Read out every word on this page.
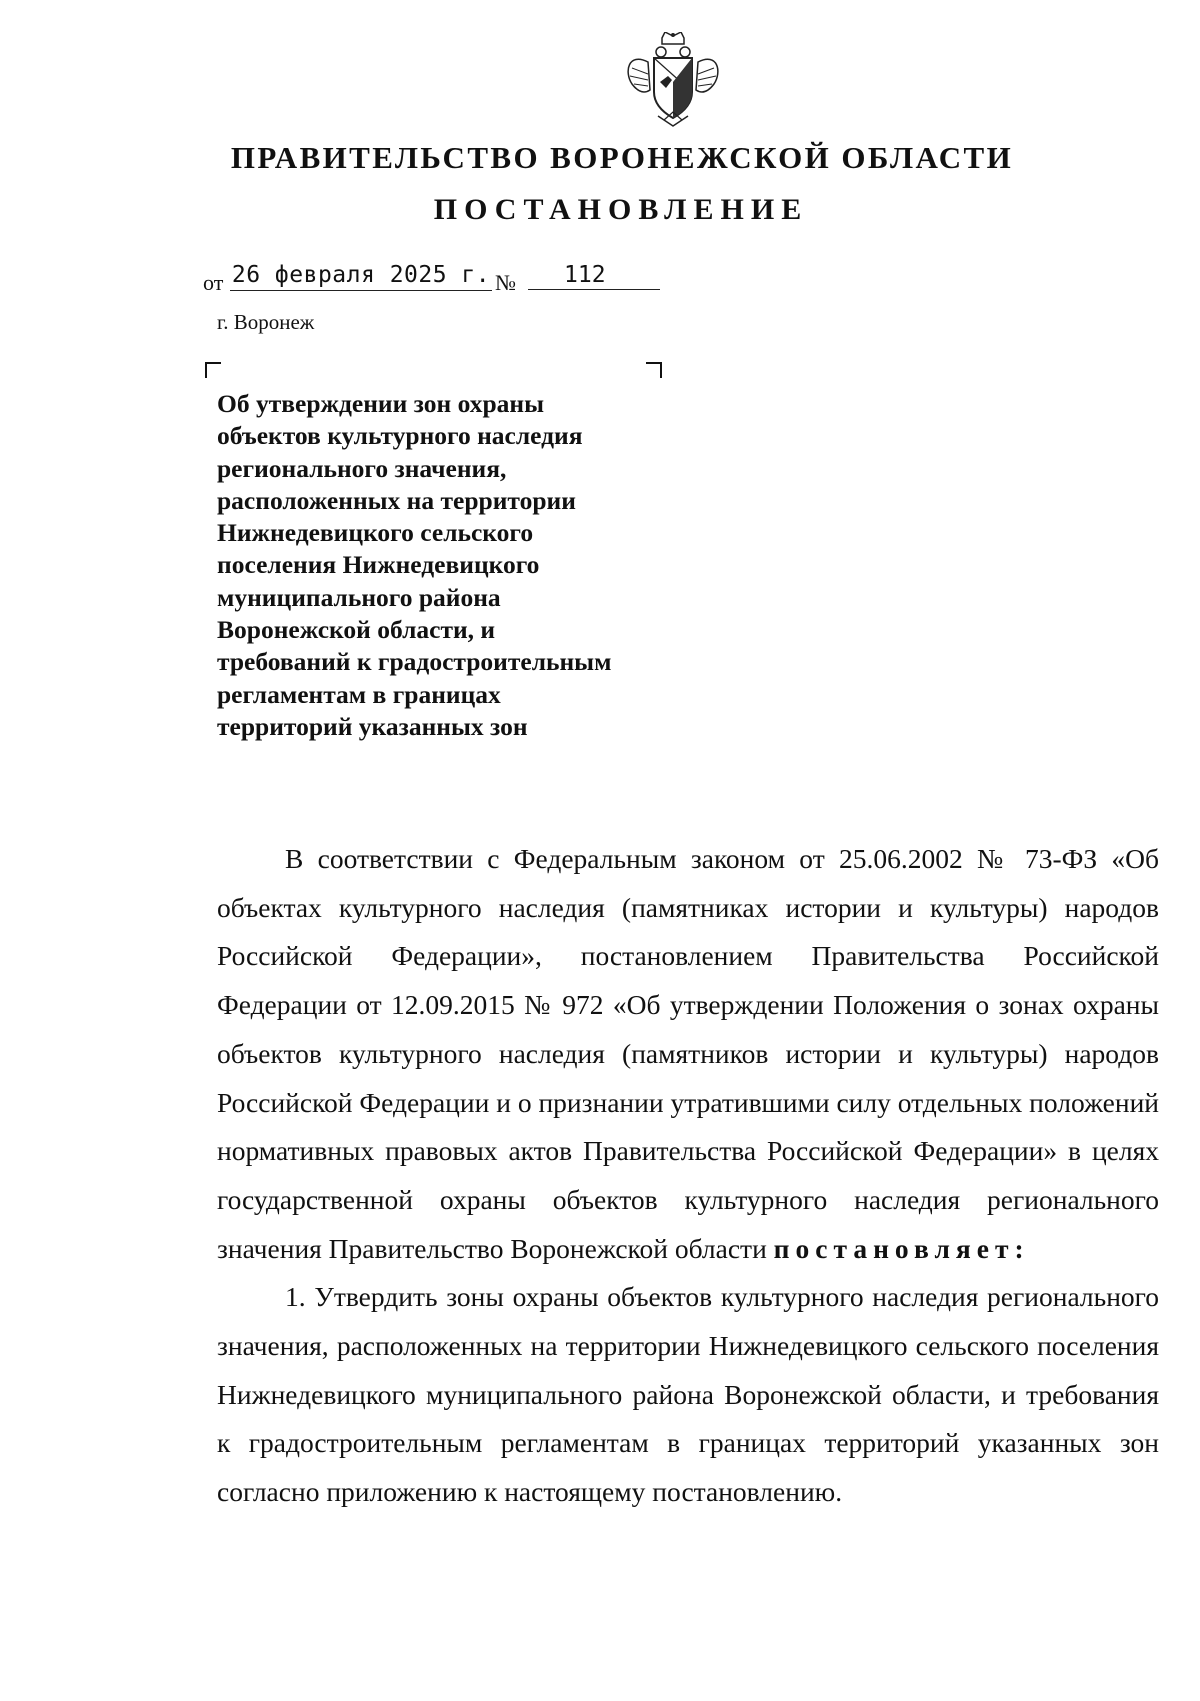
ПРАВИТЕЛЬСТВО ВОРОНЕЖСКОЙ ОБЛАСТИ
ПОСТАНОВЛЕНИЕ
от 26 февраля 2025 г. №	112
г. Воронеж
Об утверждении зон охраны
объектов культурного наследия
регионального значения,
расположенных на территории
Нижнедевицкого сельского
поселения Нижнедевицкого
муниципального района
Воронежской области, и
требований к градостроительным
регламентам в границах
территорий указанных зон
В соответствии с Федеральным законом от 25.06.2002 № 73-ФЗ «Об объектах культурного наследия (памятниках истории и культуры) народов Российской Федерации», постановлением Правительства Российской Федерации от 12.09.2015 № 972 «Об утверждении Положения о зонах охраны объектов культурного наследия (памятников истории и культуры) народов Российской Федерации и о признании утратившими силу отдельных положений нормативных правовых актов Правительства Российской Федерации» в целях государственной охраны объектов культурного наследия регионального значения Правительство Воронежской области постановляет:
1. Утвердить зоны охраны объектов культурного наследия регионального значения, расположенных на территории Нижнедевицкого сельского поселения Нижнедевицкого муниципального района Воронежской области, и требования к градостроительным регламентам в границах территорий указанных зон согласно приложению к настоящему постановлению.
